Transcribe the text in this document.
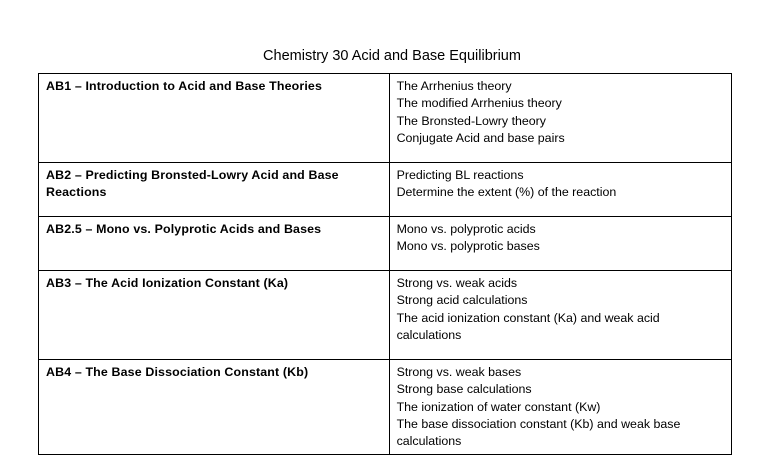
Chemistry 30 Acid and Base Equilibrium
AB1 – Introduction to Acid and Base Theories	The Arrhenius theory
The modified Arrhenius theory
The Bronsted-Lowry theory
Conjugate Acid and base pairs

AB2 – Predicting Bronsted-Lowry Acid and Base Reactions	Predicting BL reactions
Determine the extent (%) of the reaction

AB2.5 – Mono vs. Polyprotic Acids and Bases	Mono vs. polyprotic acids
Mono vs. polyprotic bases

AB3 – The Acid Ionization Constant (Ka)	Strong vs. weak acids
Strong acid calculations
The acid ionization constant (Ka) and weak acid calculations

AB4 – The Base Dissociation Constant (Kb)	Strong vs. weak bases
Strong base calculations
The ionization of water constant (Kw)
The base dissociation constant (Kb) and weak base calculations
